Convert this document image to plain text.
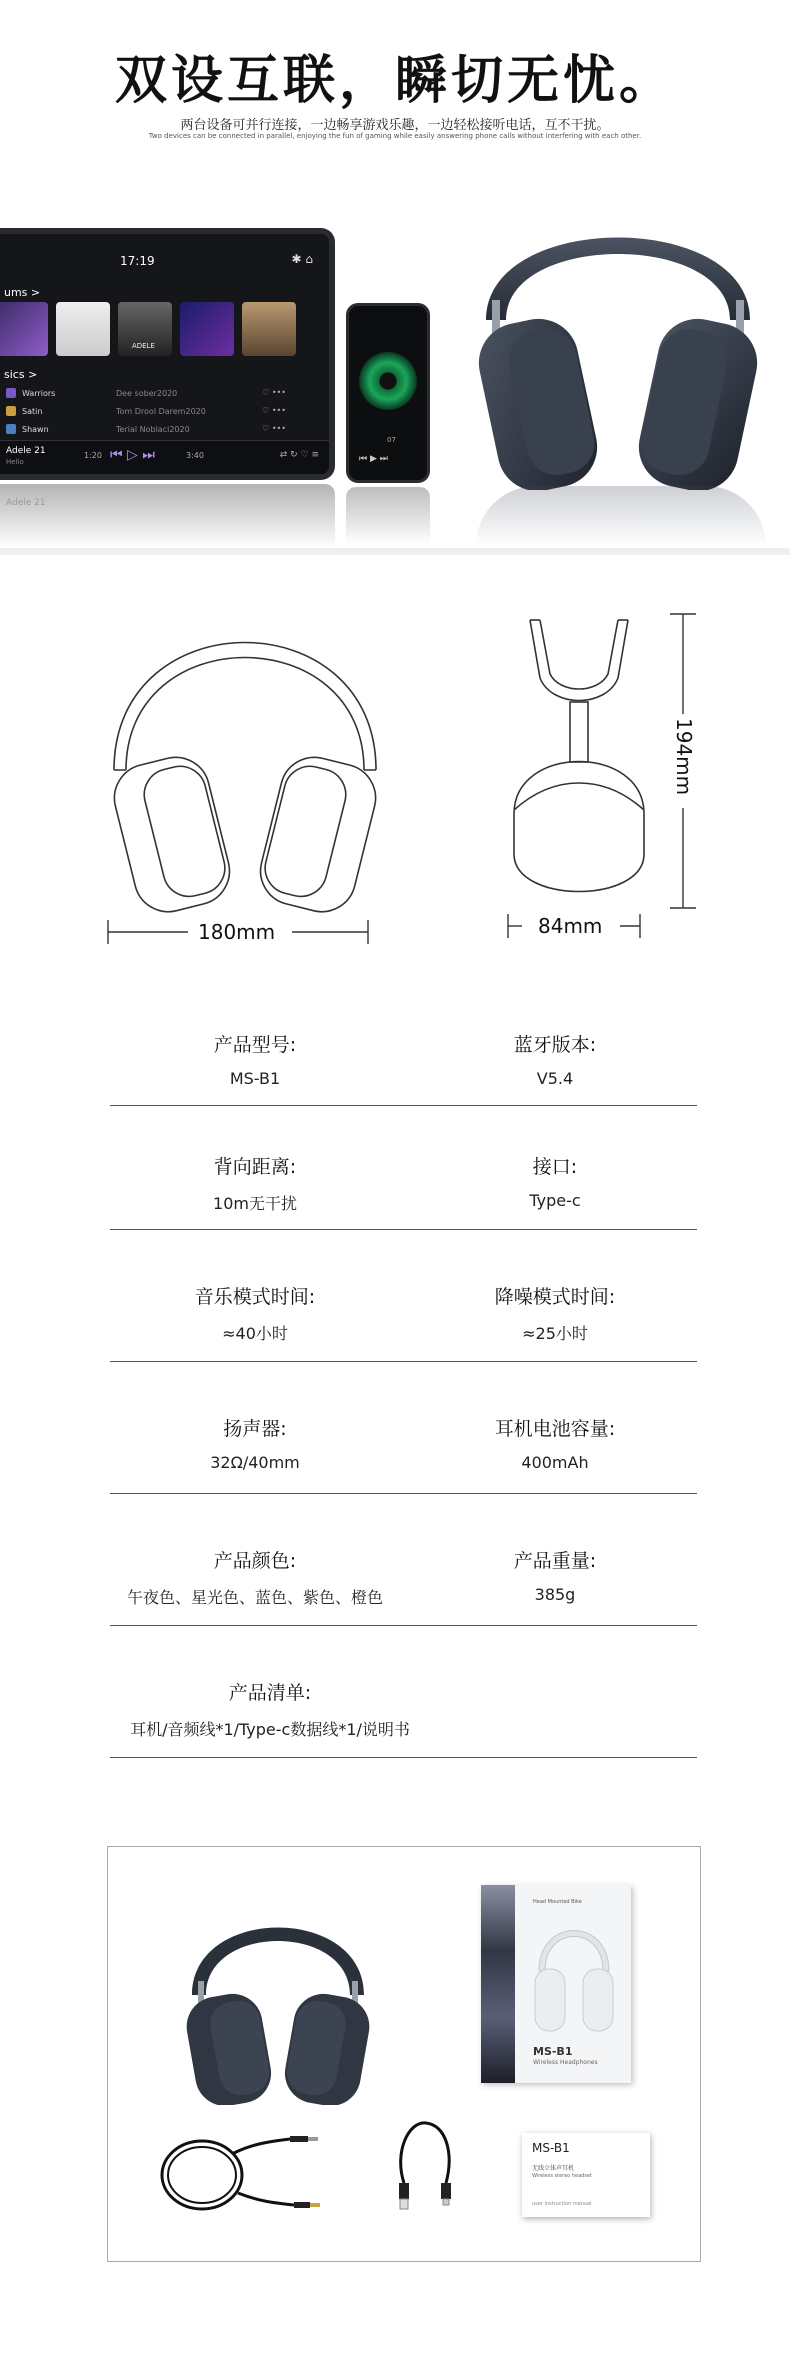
双设互联，瞬切无忧。

两台设备可并行连接，一边畅享游戏乐趣，一边轻松接听电话，互不干扰。

Two devices can be connected in parallel, enjoying the fun of gaming while easily answering phone calls without interfering with each other.

17:19	✱ ⌂
ums >
ADELE
sics >
Warriors	Dee sober2020	♡ •••
Satin	Tom Drool Darem2020	♡ •••
Shawn	Terial Noblaci2020	♡ •••
Adele 21
Hello
1:20 ⏮ ▷ ⏭	3:40	⇄ ↻ ♡ ≡
Adele 21
07
⏮ ▶ ⏭
180mm
194mm
84mm
产品型号:
MS-B1
蓝牙版本:
V5.4
背向距离:
10m无干扰
接口:
Type-c
音乐模式时间:
≈40小时
降噪模式时间:
≈25小时
扬声器:
32Ω/40mm
耳机电池容量:
400mAh
产品颜色:
午夜色、星光色、蓝色、紫色、橙色
产品重量:
385g
产品清单:
耳机/音频线*1/Type-c数据线*1/说明书
Head Mounted Bike
MS-B1
Wireless Headphones
MS-B1
无线立体声耳机
Wireless stereo headset
user instruction manual
